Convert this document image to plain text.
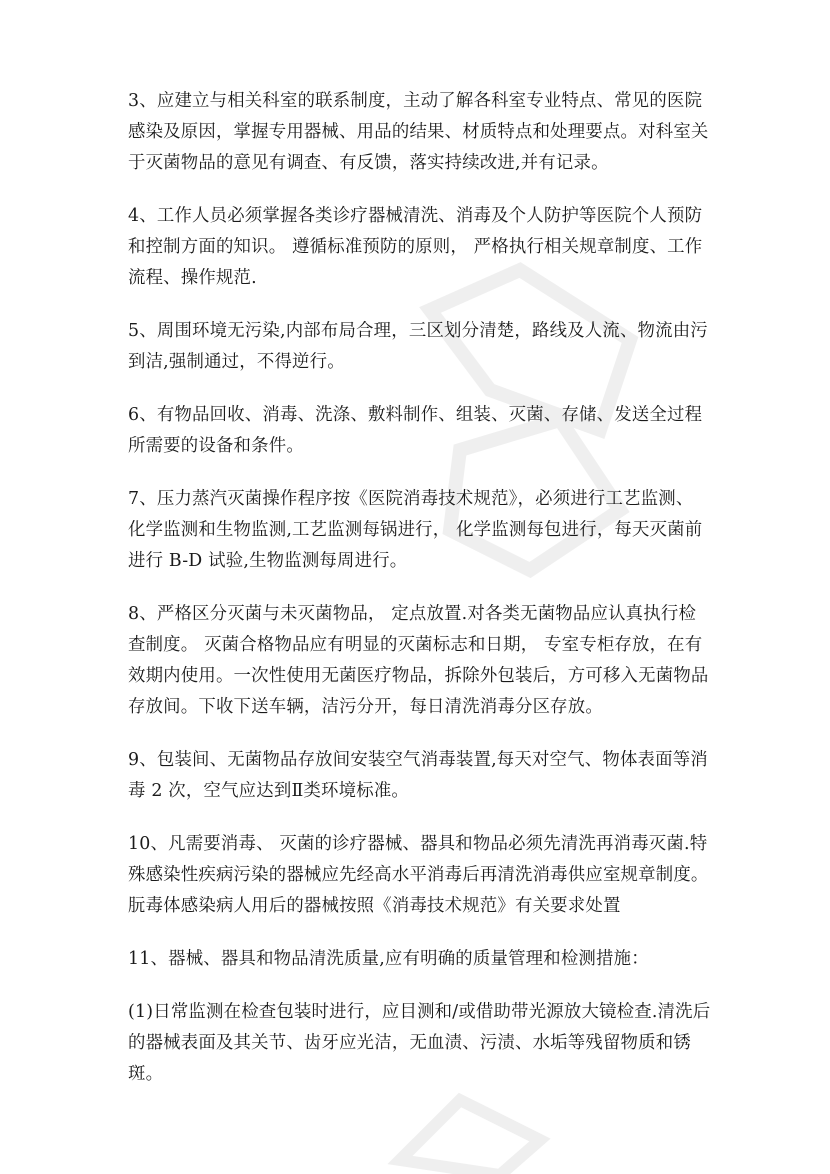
3、应建立与相关科室的联系制度，主动了解各科室专业特点、常见的医院感染及原因，掌握专用器械、用品的结果、材质特点和处理要点。对科室关于灭菌物品的意见有调查、有反馈，落实持续改进,并有记录。

4、工作人员必须掌握各类诊疗器械清洗、消毒及个人防护等医院个人预防和控制方面的知识。 遵循标准预防的原则， 严格执行相关规章制度、工作流程、操作规范.

5、周围环境无污染,内部布局合理，三区划分清楚，路线及人流、物流由污到洁,强制通过，不得逆行。

6、有物品回收、消毒、洗涤、敷料制作、组装、灭菌、存储、发送全过程所需要的设备和条件。

7、压力蒸汽灭菌操作程序按《医院消毒技术规范》，必须进行工艺监测、 化学监测和生物监测,工艺监测每锅进行， 化学监测每包进行，每天灭菌前进行 B-D 试验,生物监测每周进行。

8、严格区分灭菌与未灭菌物品， 定点放置.对各类无菌物品应认真执行检查制度。 灭菌合格物品应有明显的灭菌标志和日期， 专室专柜存放，在有效期内使用。一次性使用无菌医疗物品，拆除外包装后，方可移入无菌物品存放间。下收下送车辆，洁污分开，每日清洗消毒分区存放。

9、包装间、无菌物品存放间安装空气消毒装置,每天对空气、物体表面等消毒 2 次，空气应达到Ⅱ类环境标准。

10、凡需要消毒、 灭菌的诊疗器械、器具和物品必须先清洗再消毒灭菌.特殊感染性疾病污染的器械应先经高水平消毒后再清洗消毒供应室规章制度。朊毒体感染病人用后的器械按照《消毒技术规范》有关要求处置

11、器械、器具和物品清洗质量,应有明确的质量管理和检测措施：

(1)日常监测在检查包装时进行，应目测和/或借助带光源放大镜检查.清洗后的器械表面及其关节、齿牙应光洁，无血渍、污渍、水垢等残留物质和锈斑。
